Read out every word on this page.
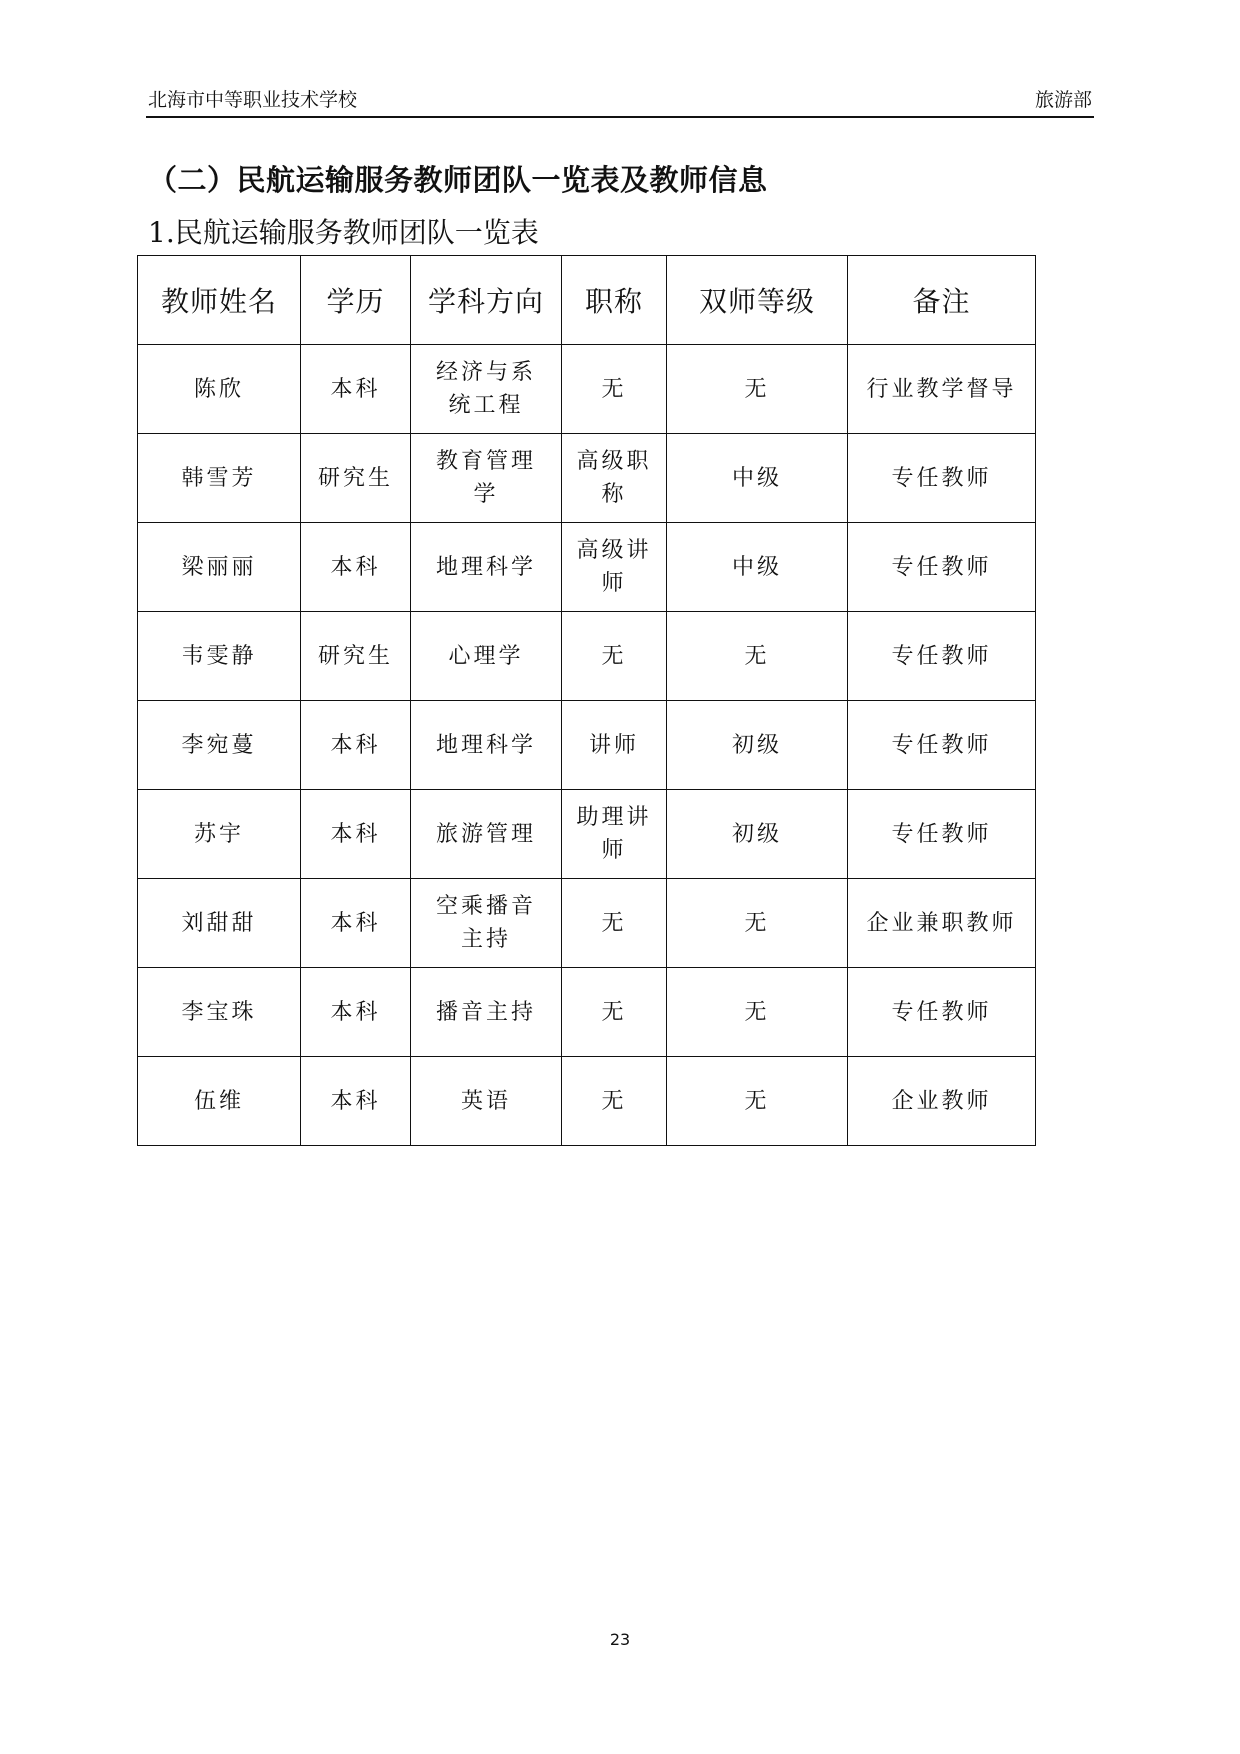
北海市中等职业技术学校	旅游部
（二）民航运输服务教师团队一览表及教师信息
1.民航运输服务教师团队一览表
教师姓名	学历	学科方向	职称	双师等级	备注
陈欣	本科	经济与系统工程	无	无	行业教学督导
韩雪芳	研究生	教育管理学	高级职称	中级	专任教师
梁丽丽	本科	地理科学	高级讲师	中级	专任教师
韦雯静	研究生	心理学	无	无	专任教师
李宛蔓	本科	地理科学	讲师	初级	专任教师
苏宇	本科	旅游管理	助理讲师	初级	专任教师
刘甜甜	本科	空乘播音主持	无	无	企业兼职教师
李宝珠	本科	播音主持	无	无	专任教师
伍维	本科	英语	无	无	企业教师
23
